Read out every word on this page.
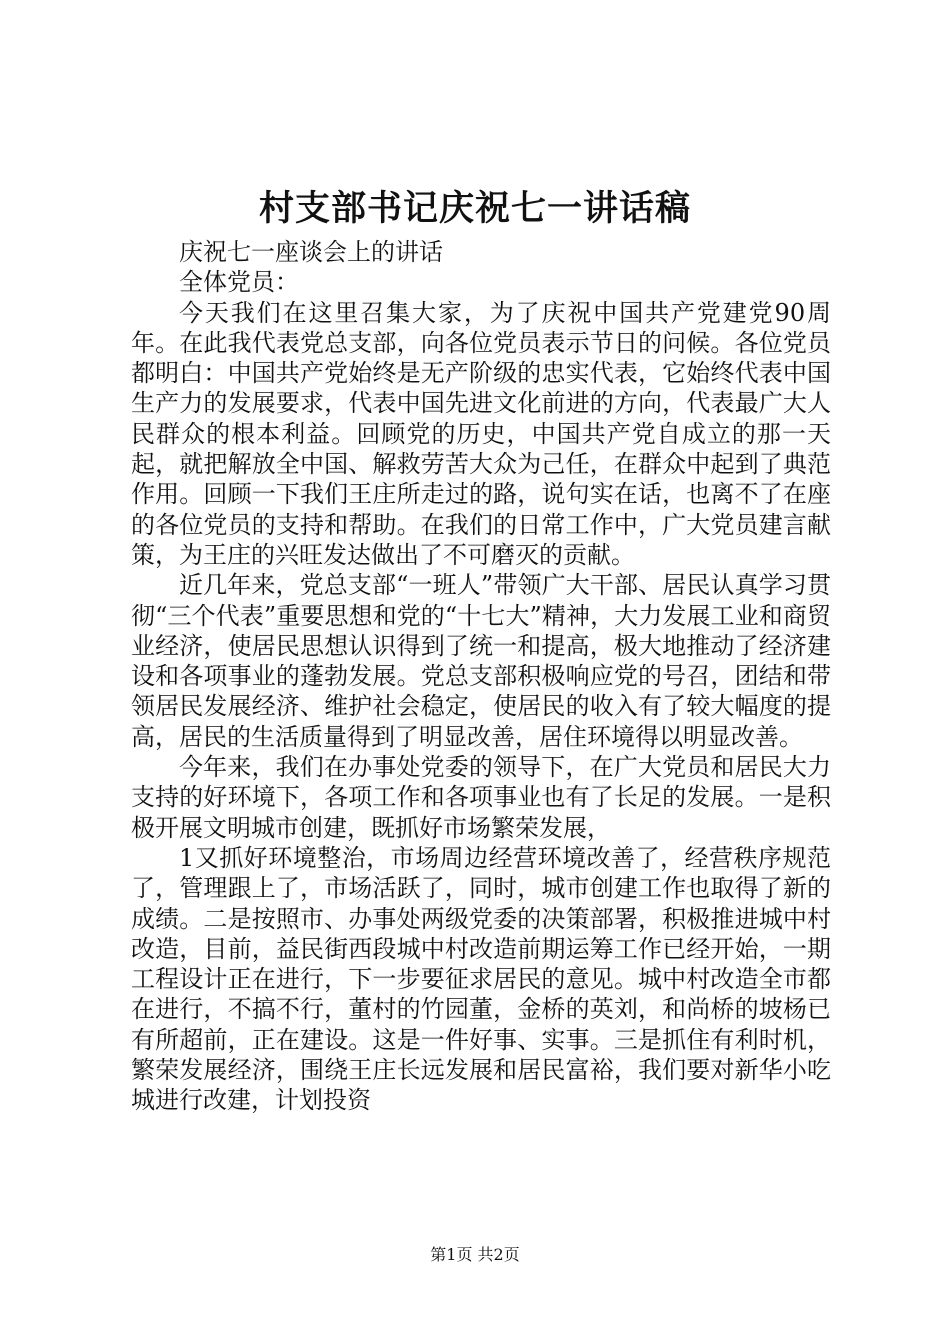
村支部书记庆祝七一讲话稿

庆祝七一座谈会上的讲话

全体党员：

今天我们在这里召集大家，为了庆祝中国共产党建党90周年。在此我代表党总支部，向各位党员表示节日的问候。各位党员都明白：中国共产党始终是无产阶级的忠实代表，它始终代表中国生产力的发展要求，代表中国先进文化前进的方向，代表最广大人民群众的根本利益。回顾党的历史，中国共产党自成立的那一天起，就把解放全中国、解救劳苦大众为己任，在群众中起到了典范作用。回顾一下我们王庄所走过的路，说句实在话，也离不了在座的各位党员的支持和帮助。在我们的日常工作中，广大党员建言献策，为王庄的兴旺发达做出了不可磨灭的贡献。

近几年来，党总支部“一班人”带领广大干部、居民认真学习贯彻“三个代表”重要思想和党的“十七大”精神，大力发展工业和商贸业经济，使居民思想认识得到了统一和提高，极大地推动了经济建设和各项事业的蓬勃发展。党总支部积极响应党的号召，团结和带领居民发展经济、维护社会稳定，使居民的收入有了较大幅度的提高，居民的生活质量得到了明显改善，居住环境得以明显改善。

今年来，我们在办事处党委的领导下，在广大党员和居民大力支持的好环境下，各项工作和各项事业也有了长足的发展。一是积极开展文明城市创建，既抓好市场繁荣发展，

1又抓好环境整治，市场周边经营环境改善了，经营秩序规范了，管理跟上了，市场活跃了，同时，城市创建工作也取得了新的成绩。二是按照市、办事处两级党委的决策部署，积极推进城中村改造，目前，益民街西段城中村改造前期运筹工作已经开始，一期工程设计正在进行，下一步要征求居民的意见。城中村改造全市都在进行，不搞不行，董村的竹园董，金桥的英刘，和尚桥的坡杨已有所超前，正在建设。这是一件好事、实事。三是抓住有利时机，繁荣发展经济，围绕王庄长远发展和居民富裕，我们要对新华小吃城进行改建，计划投资

第1页 共2页
